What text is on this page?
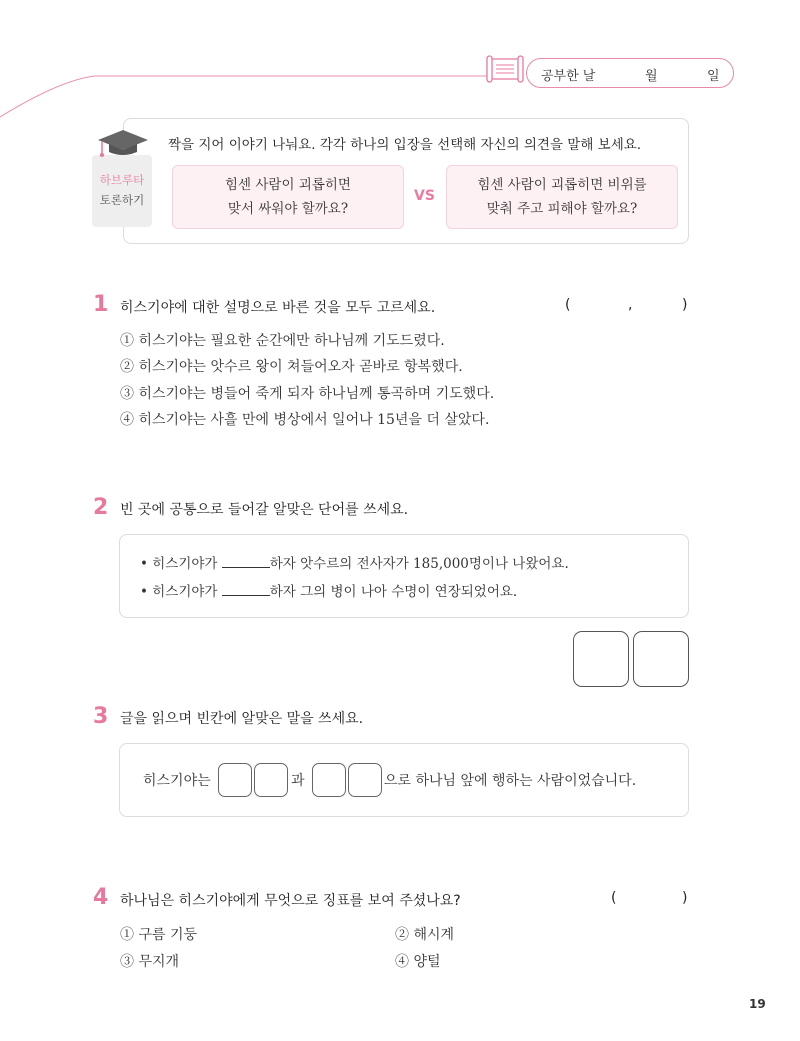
공부한 날	월	일
하브루타
토론하기
짝을 지어 이야기 나눠요. 각각 하나의 입장을 선택해 자신의 의견을 말해 보세요.
힘센 사람이 괴롭히면
맞서 싸워야 할까요?
VS
힘센 사람이 괴롭히면 비위를
맞춰 주고 피해야 할까요?
1 히스기야에 대한 설명으로 바른 것을 모두 고르세요.	(	,	)
① 히스기야는 필요한 순간에만 하나님께 기도드렸다.
② 히스기야는 앗수르 왕이 쳐들어오자 곧바로 항복했다.
③ 히스기야는 병들어 죽게 되자 하나님께 통곡하며 기도했다.
④ 히스기야는 사흘 만에 병상에서 일어나 15년을 더 살았다.
2 빈 곳에 공통으로 들어갈 알맞은 단어를 쓰세요.
• 히스기야가	하자 앗수르의 전사자가 185,000명이나 나왔어요.
• 히스기야가	하자 그의 병이 나아 수명이 연장되었어요.
3 글을 읽으며 빈칸에 알맞은 말을 쓰세요.
히스기야는	과	으로 하나님 앞에 행하는 사람이었습니다.
4 하나님은 히스기야에게 무엇으로 징표를 보여 주셨나요?	(	)
① 구름 기둥	② 해시계
③ 무지개	④ 양털
19
